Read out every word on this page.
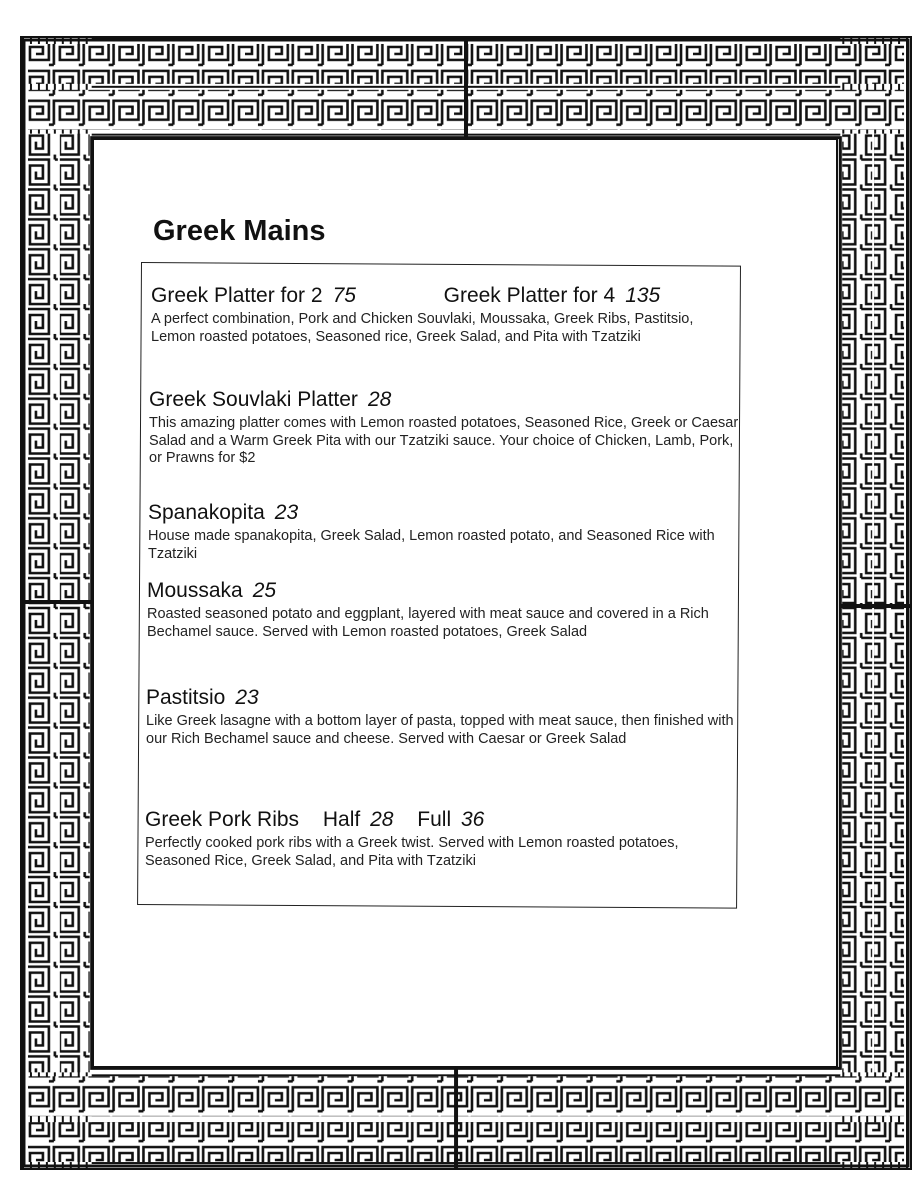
Greek Mains
Greek Platter for 2 75	Greek Platter for 4 135
A perfect combination, Pork and Chicken Souvlaki, Moussaka, Greek Ribs, Pastitsio, Lemon roasted potatoes, Seasoned rice, Greek Salad, and Pita with Tzatziki
Greek Souvlaki Platter 28
This amazing platter comes with Lemon roasted potatoes, Seasoned Rice, Greek or Caesar Salad and a Warm Greek Pita with our Tzatziki sauce. Your choice of Chicken, Lamb, Pork, or Prawns for $2
Spanakopita 23
House made spanakopita, Greek Salad, Lemon roasted potato, and Seasoned Rice with Tzatziki
Moussaka 25
Roasted seasoned potato and eggplant, layered with meat sauce and covered in a Rich Bechamel sauce. Served with Lemon roasted potatoes, Greek Salad
Pastitsio 23
Like Greek lasagne with a bottom layer of pasta, topped with meat sauce, then finished with our Rich Bechamel sauce and cheese. Served with Caesar or Greek Salad
Greek Pork Ribs Half 28 Full 36
Perfectly cooked pork ribs with a Greek twist. Served with Lemon roasted potatoes, Seasoned Rice, Greek Salad, and Pita with Tzatziki
